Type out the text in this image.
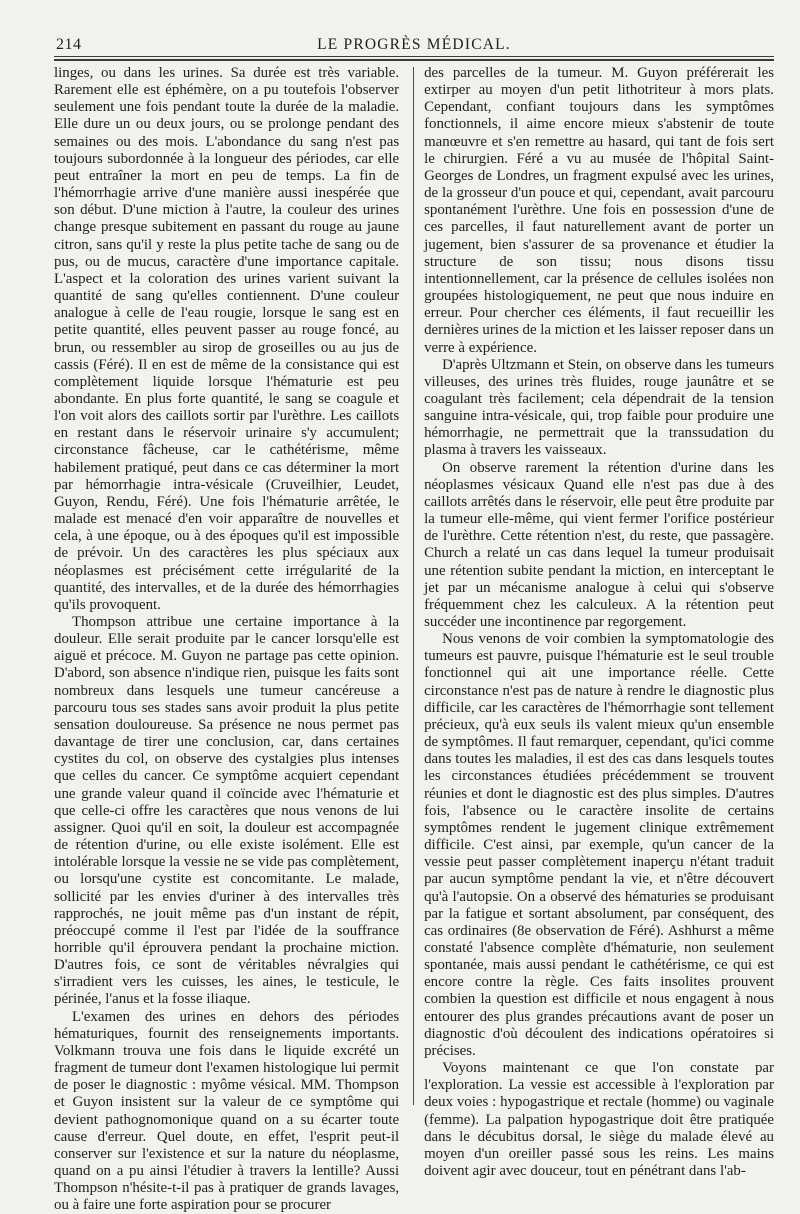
214	LE PROGRÈS MÉDICAL.

linges, ou dans les urines. Sa durée est très variable. Rarement elle est éphémère, on a pu toutefois l'observer seulement une fois pendant toute la durée de la maladie. Elle dure un ou deux jours, ou se prolonge pendant des semaines ou des mois. L'abondance du sang n'est pas toujours subordonnée à la longueur des périodes, car elle peut entraîner la mort en peu de temps. La fin de l'hémorrhagie arrive d'une manière aussi inespérée que son début. D'une miction à l'autre, la couleur des urines change presque subitement en passant du rouge au jaune citron, sans qu'il y reste la plus petite tache de sang ou de pus, ou de mucus, caractère d'une importance capitale. L'aspect et la coloration des urines varient suivant la quantité de sang qu'elles contiennent. D'une couleur analogue à celle de l'eau rougie, lorsque le sang est en petite quantité, elles peuvent passer au rouge foncé, au brun, ou ressembler au sirop de groseilles ou au jus de cassis (Féré). Il en est de même de la consistance qui est complètement liquide lorsque l'hématurie est peu abondante. En plus forte quantité, le sang se coagule et l'on voit alors des caillots sortir par l'urèthre. Les caillots en restant dans le réservoir urinaire s'y accumulent; circonstance fâcheuse, car le cathétérisme, même habilement pratiqué, peut dans ce cas déterminer la mort par hémorrhagie intra-vésicale (Cruveilhier, Leudet, Guyon, Rendu, Féré). Une fois l'hématurie arrêtée, le malade est menacé d'en voir apparaître de nouvelles et cela, à une époque, ou à des époques qu'il est impossible de prévoir. Un des caractères les plus spéciaux aux néoplasmes est précisément cette irrégularité de la quantité, des intervalles, et de la durée des hémorrhagies qu'ils provoquent.

Thompson attribue une certaine importance à la douleur. Elle serait produite par le cancer lorsqu'elle est aiguë et précoce. M. Guyon ne partage pas cette opinion. D'abord, son absence n'indique rien, puisque les faits sont nombreux dans lesquels une tumeur cancéreuse a parcouru tous ses stades sans avoir produit la plus petite sensation douloureuse. Sa présence ne nous permet pas davantage de tirer une conclusion, car, dans certaines cystites du col, on observe des cystalgies plus intenses que celles du cancer. Ce symptôme acquiert cependant une grande valeur quand il coïncide avec l'hématurie et que celle-ci offre les caractères que nous venons de lui assigner. Quoi qu'il en soit, la douleur est accompagnée de rétention d'urine, ou elle existe isolément. Elle est intolérable lorsque la vessie ne se vide pas complètement, ou lorsqu'une cystite est concomitante. Le malade, sollicité par les envies d'uriner à des intervalles très rapprochés, ne jouit même pas d'un instant de répit, préoccupé comme il l'est par l'idée de la souffrance horrible qu'il éprouvera pendant la prochaine miction. D'autres fois, ce sont de véritables névralgies qui s'irradient vers les cuisses, les aines, le testicule, le périnée, l'anus et la fosse iliaque.

L'examen des urines en dehors des périodes hématuriques, fournit des renseignements importants. Volkmann trouva une fois dans le liquide excrété un fragment de tumeur dont l'examen histologique lui permit de poser le diagnostic : myôme vésical. MM. Thompson et Guyon insistent sur la valeur de ce symptôme qui devient pathognomonique quand on a su écarter toute cause d'erreur. Quel doute, en effet, l'esprit peut-il conserver sur l'existence et sur la nature du néoplasme, quand on a pu ainsi l'étudier à travers la lentille? Aussi Thompson n'hésite-t-il pas à pratiquer de grands lavages, ou à faire une forte aspiration pour se procurer

des parcelles de la tumeur. M. Guyon préférerait les extirper au moyen d'un petit lithotriteur à mors plats. Cependant, confiant toujours dans les symptômes fonctionnels, il aime encore mieux s'abstenir de toute manœuvre et s'en remettre au hasard, qui tant de fois sert le chirurgien. Féré a vu au musée de l'hôpital Saint-Georges de Londres, un fragment expulsé avec les urines, de la grosseur d'un pouce et qui, cependant, avait parcouru spontanément l'urèthre. Une fois en possession d'une de ces parcelles, il faut naturellement avant de porter un jugement, bien s'assurer de sa provenance et étudier la structure de son tissu; nous disons tissu intentionnellement, car la présence de cellules isolées non groupées histologiquement, ne peut que nous induire en erreur. Pour chercher ces éléments, il faut recueillir les dernières urines de la miction et les laisser reposer dans un verre à expérience.

D'après Ultzmann et Stein, on observe dans les tumeurs villeuses, des urines très fluides, rouge jaunâtre et se coagulant très facilement; cela dépendrait de la tension sanguine intra-vésicale, qui, trop faible pour produire une hémorrhagie, ne permettrait que la transsudation du plasma à travers les vaisseaux.

On observe rarement la rétention d'urine dans les néoplasmes vésicaux Quand elle n'est pas due à des caillots arrêtés dans le réservoir, elle peut être produite par la tumeur elle-même, qui vient fermer l'orifice postérieur de l'urèthre. Cette rétention n'est, du reste, que passagère. Church a relaté un cas dans lequel la tumeur produisait une rétention subite pendant la miction, en interceptant le jet par un mécanisme analogue à celui qui s'observe fréquemment chez les calculeux. A la rétention peut succéder une incontinence par regorgement.

Nous venons de voir combien la symptomatologie des tumeurs est pauvre, puisque l'hématurie est le seul trouble fonctionnel qui ait une importance réelle. Cette circonstance n'est pas de nature à rendre le diagnostic plus difficile, car les caractères de l'hémorrhagie sont tellement précieux, qu'à eux seuls ils valent mieux qu'un ensemble de symptômes. Il faut remarquer, cependant, qu'ici comme dans toutes les maladies, il est des cas dans lesquels toutes les circonstances étudiées précédemment se trouvent réunies et dont le diagnostic est des plus simples. D'autres fois, l'absence ou le caractère insolite de certains symptômes rendent le jugement clinique extrêmement difficile. C'est ainsi, par exemple, qu'un cancer de la vessie peut passer complètement inaperçu n'étant traduit par aucun symptôme pendant la vie, et n'être découvert qu'à l'autopsie. On a observé des hématuries se produisant par la fatigue et sortant absolument, par conséquent, des cas ordinaires (8e observation de Féré). Ashhurst a même constaté l'absence complète d'hématurie, non seulement spontanée, mais aussi pendant le cathétérisme, ce qui est encore contre la règle. Ces faits insolites prouvent combien la question est difficile et nous engagent à nous entourer des plus grandes précautions avant de poser un diagnostic d'où découlent des indications opératoires si précises.

Voyons maintenant ce que l'on constate par l'exploration. La vessie est accessible à l'exploration par deux voies : hypogastrique et rectale (homme) ou vaginale (femme). La palpation hypogastrique doit être pratiquée dans le décubitus dorsal, le siège du malade élevé au moyen d'un oreiller passé sous les reins. Les mains doivent agir avec douceur, tout en pénétrant dans l'ab-
